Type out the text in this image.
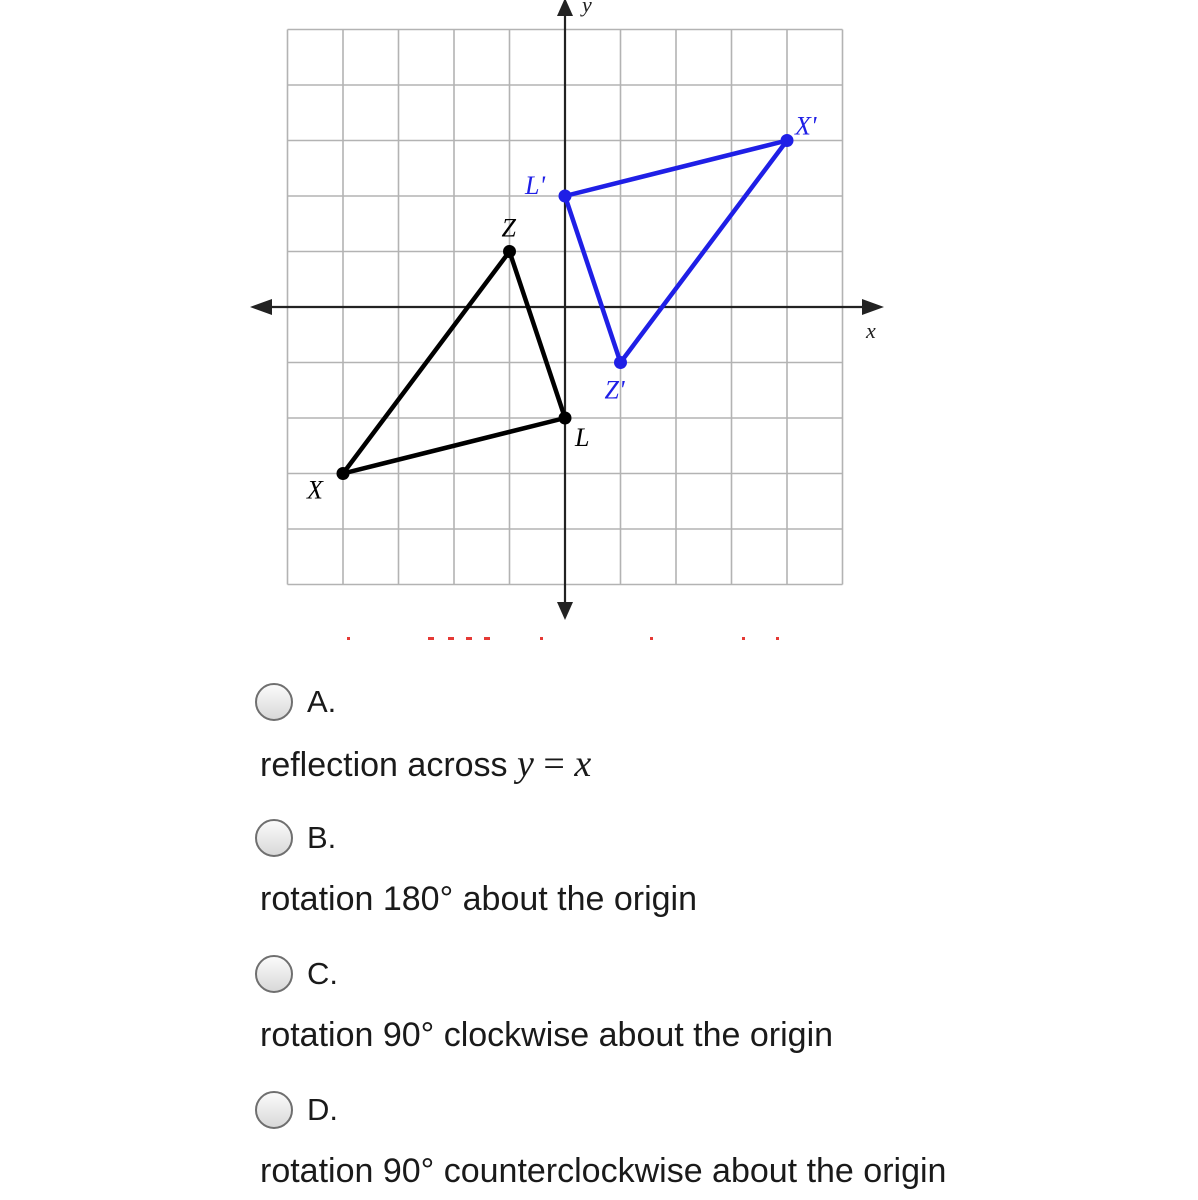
x
y
X
Z
L
X'
L'
Z'
A.
reflection across y = x
B.
rotation 180° about the origin
C.
rotation 90° clockwise about the origin
D.
rotation 90° counterclockwise about the origin
